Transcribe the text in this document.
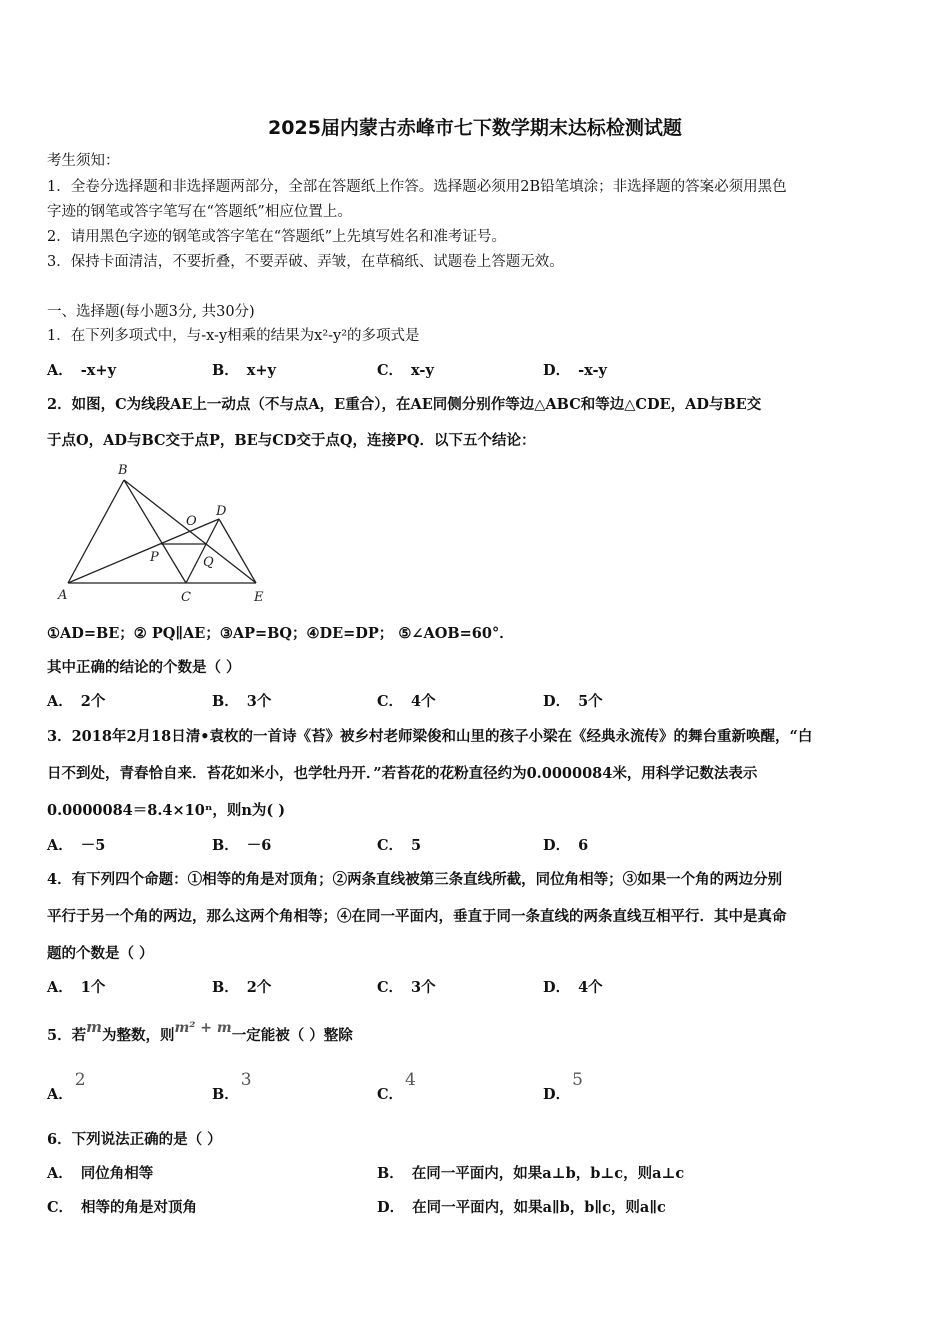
2025届内蒙古赤峰市七下数学期末达标检测试题
考生须知：
1．全卷分选择题和非选择题两部分，全部在答题纸上作答。选择题必须用2B铅笔填涂；非选择题的答案必须用黑色
字迹的钢笔或答字笔写在“答题纸”相应位置上。
2．请用黑色字迹的钢笔或答字笔在“答题纸”上先填写姓名和准考证号。
3．保持卡面清洁，不要折叠，不要弄破、弄皱，在草稿纸、试题卷上答题无效。
一、选择题(每小题3分, 共30分)
1．在下列多项式中，与-x-y相乘的结果为x²-y²的多项式是
A． -x+y	B． x+y	C． x-y	D． -x-y
2．如图，C为线段AE上一动点（不与点A，E重合），在AE同侧分别作等边△ABC和等边△CDE，AD与BE交
于点O，AD与BC交于点P，BE与CD交于点Q，连接PQ．以下五个结论：
B
O
D
P	Q
A	C	E
①AD=BE；② PQ∥AE；③AP=BQ；④DE=DP； ⑤∠AOB=60°．
其中正确的结论的个数是（ ）
A． 2个	B． 3个	C． 4个	D． 5个
3．2018年2月18日清•袁枚的一首诗《苔》被乡村老师梁俊和山里的孩子小梁在《经典永流传》的舞台重新唤醒，“白
日不到处，青春恰自来．苔花如米小，也学牡丹开．”若苔花的花粉直径约为0.0000084米，用科学记数法表示
0.0000084＝8.4×10ⁿ，则n为( )
A． －5	B． －6	C． 5	D． 6
4．有下列四个命题：①相等的角是对顶角；②两条直线被第三条直线所截，同位角相等；③如果一个角的两边分别
平行于另一个角的两边，那么这两个角相等；④在同一平面内，垂直于同一条直线的两条直线互相平行．其中是真命
题的个数是（ ）
A． 1个	B． 2个	C． 3个	D． 4个
5．若m为整数，则m² + m一定能被（ ）整除
A．2
B．3
C．4
D．5
6．下列说法正确的是（ ）
A． 同位角相等	B． 在同一平面内，如果a⊥b，b⊥c，则a⊥c
C． 相等的角是对顶角	D． 在同一平面内，如果a∥b，b∥c，则a∥c
